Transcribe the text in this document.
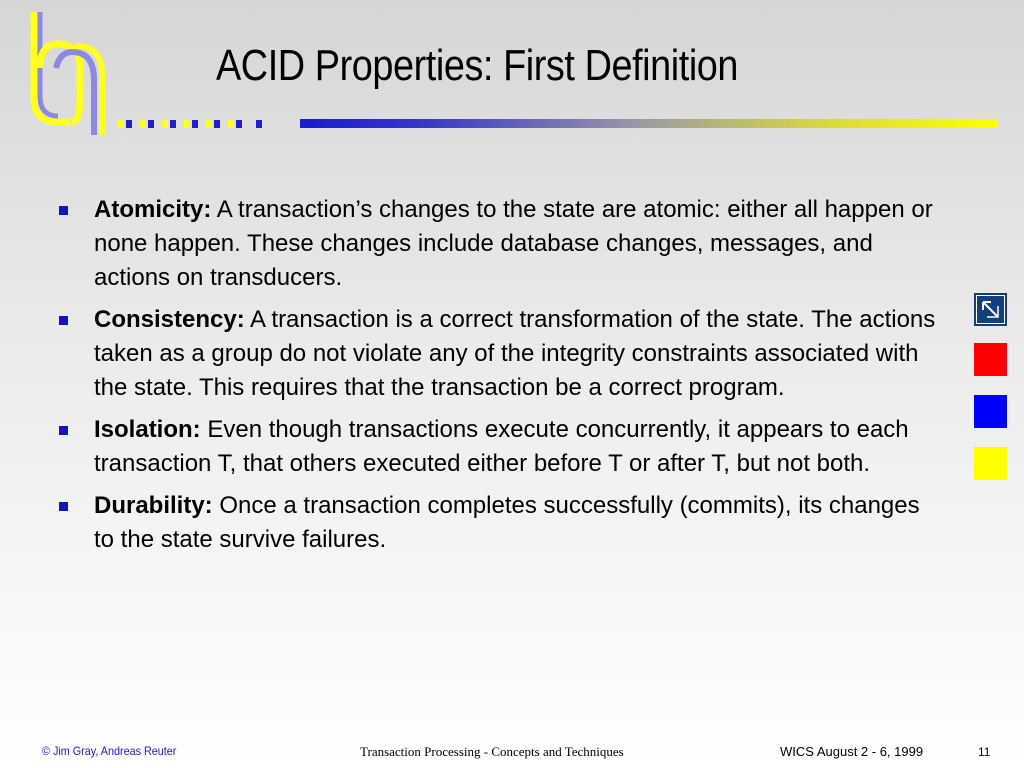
ACID Properties: First Definition
Atomicity: A transaction’s changes to the state are atomic: either all happen or none happen. These changes include database changes, messages, and actions on transducers.
Consistency: A transaction is a correct transformation of the state. The actions taken as a group do not violate any of the integrity constraints associated with the state. This requires that the transaction be a correct program.
Isolation: Even though transactions execute concurrently, it appears to each transaction T, that others executed either before T or after T, but not both.
Durability: Once a transaction completes successfully (commits), its changes to the state survive failures.
© Jim Gray, Andreas Reuter	Transaction Processing - Concepts and Techniques	WICS August 2 - 6, 1999	11
